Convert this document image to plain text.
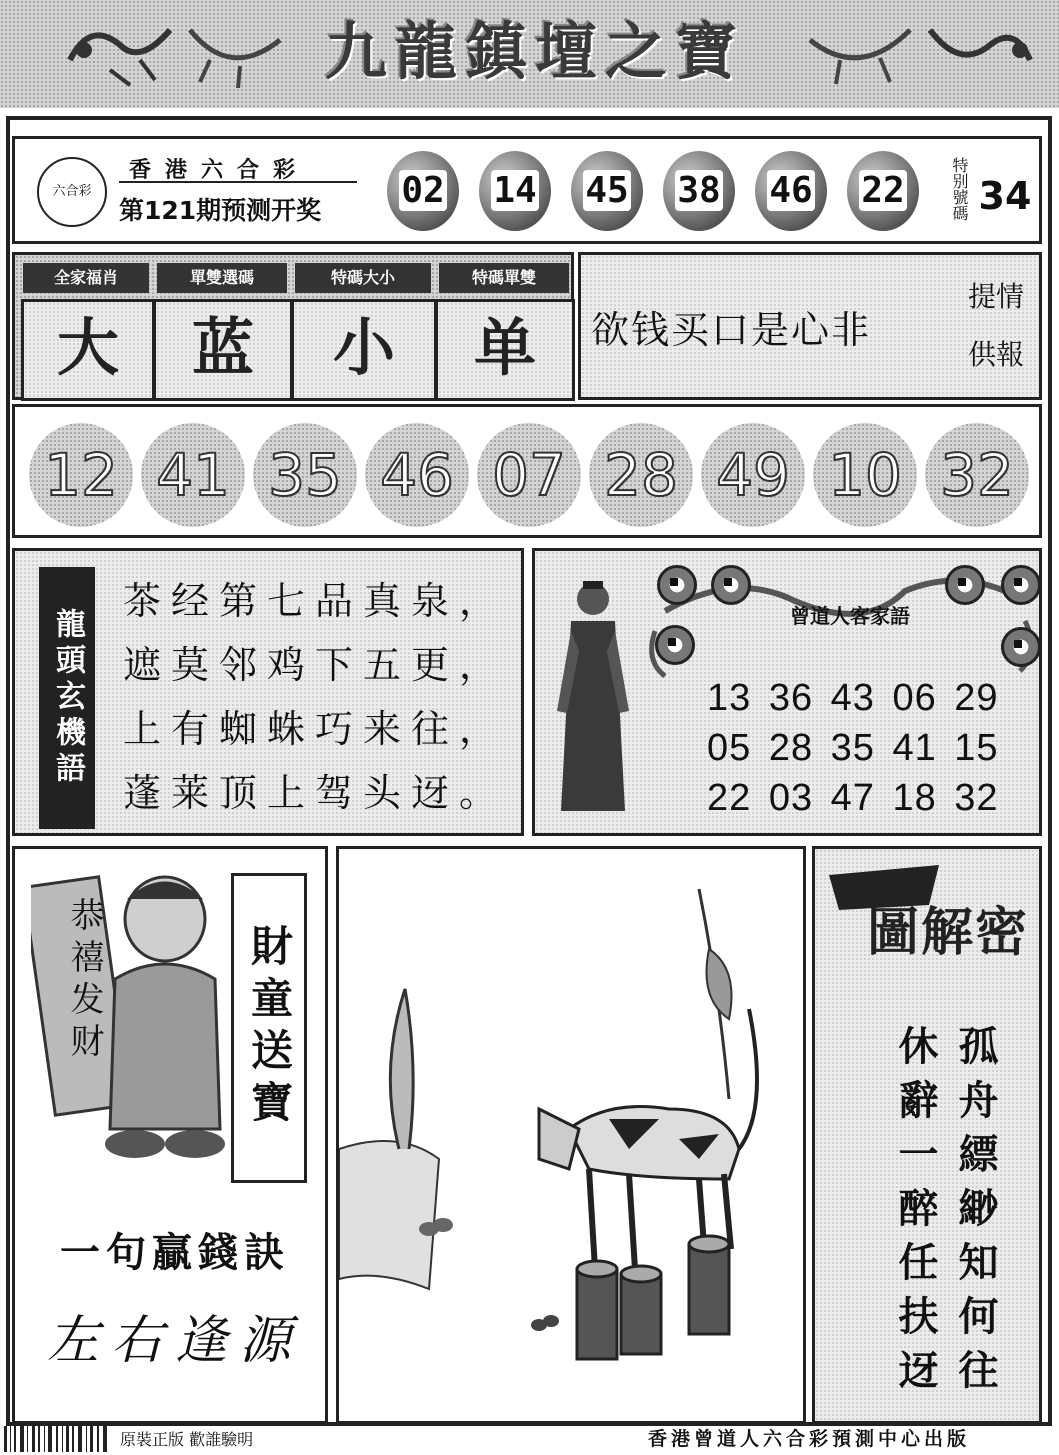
九龍鎮壇之寶
六合彩
香港六合彩
第121期预测开奖	02	14	45	38	46	22	特别號碼 34
全家福肖	單雙選碼	特碼大小	特碼單雙
大	蓝	小	单	欲钱买口是心非
提情
供報
12 41 35 46 07 28 49 10 32
龍頭玄機語
茶经第七品真泉，
遮莫邻鸡下五更，
上有蜘蛛巧来往，
蓬莱顶上驾头迓。
曾道人客家語
13 36 43 06 29
05 28 35 41 15
22 03 47 18 32
恭禧发财	財童送寶
一句贏錢訣
左右逢源
圖解密
孤舟縹緲知何往
休辭一醉任扶迓
原裝正版 歡誰驗明	香港曾道人六合彩預測中心出版
